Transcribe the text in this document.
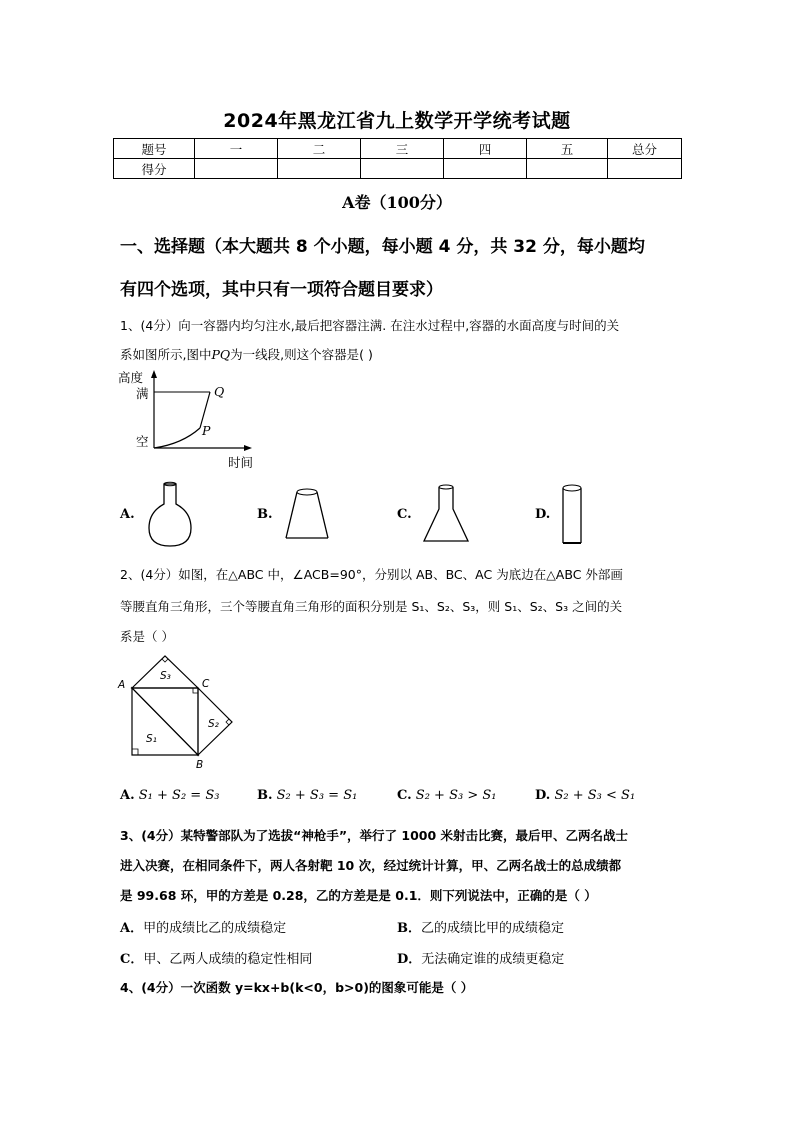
2024年黑龙江省九上数学开学统考试题
题号	一	二	三	四	五	总分
得分						
A卷（100分）
一、选择题（本大题共 8 个小题，每小题 4 分，共 32 分，每小题均
有四个选项，其中只有一项符合题目要求）
1、(4分）向一容器内均匀注水,最后把容器注满. 在注水过程中,容器的水面高度与时间的关
系如图所示,图中PQ为一线段,则这个容器是( )
高度
满
空
Q
P
时间
A.	B.	C.	D.
2、(4分）如图，在△ABC 中，∠ACB=90°，分别以 AB、BC、AC 为底边在△ABC 外部画
等腰直角三角形，三个等腰直角三角形的面积分别是 S₁、S₂、S₃，则 S₁、S₂、S₃ 之间的关
系是（ ）
A	C
B
S₃
S₂
S₁
A. S₁ + S₂ = S₃	B. S₂ + S₃ = S₁	C. S₂ + S₃ > S₁	D. S₂ + S₃ < S₁
3、(4分）某特警部队为了选拔“神枪手”，举行了 1000 米射击比赛，最后甲、乙两名战士
进入决赛，在相同条件下，两人各射靶 10 次，经过统计计算，甲、乙两名战士的总成绩都
是 99.68 环，甲的方差是 0.28，乙的方差是是 0.1．则下列说法中，正确的是（ ）
A．甲的成绩比乙的成绩稳定	B．乙的成绩比甲的成绩稳定
C．甲、乙两人成绩的稳定性相同	D．无法确定谁的成绩更稳定
4、(4分）一次函数 y=kx+b(k<0，b>0)的图象可能是（ ）
